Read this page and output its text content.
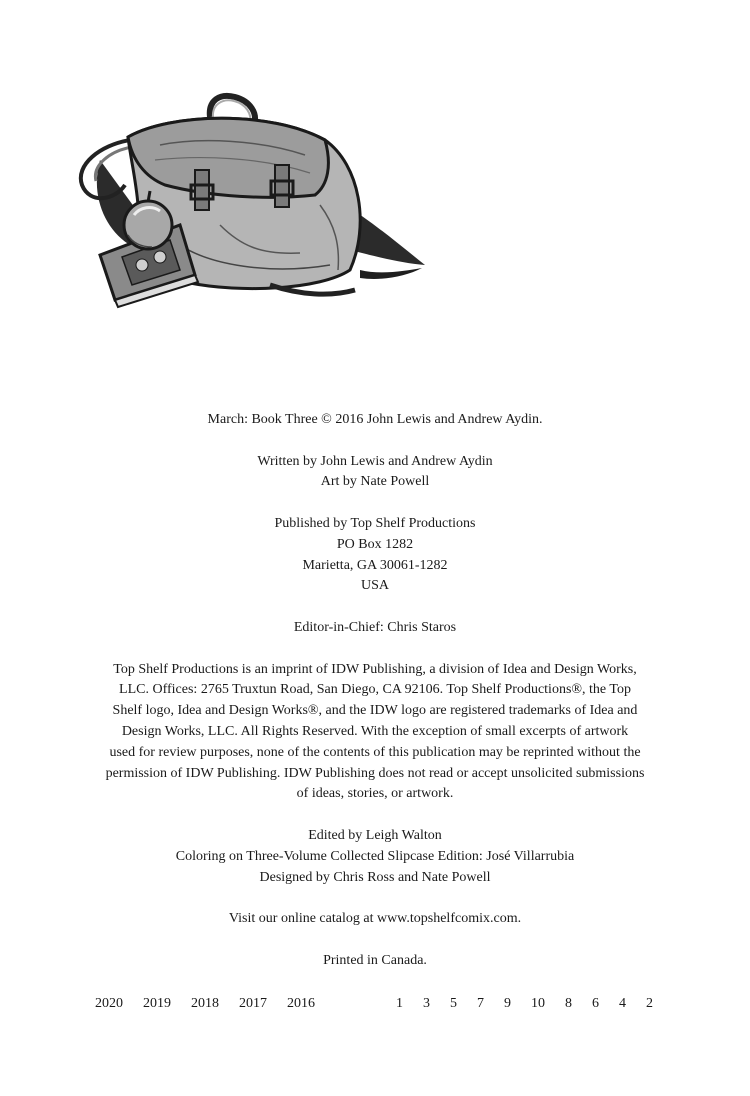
March: Book Three © 2016 John Lewis and Andrew Aydin.
Written by John Lewis and Andrew Aydin
Art by Nate Powell
Published by Top Shelf Productions
PO Box 1282
Marietta, GA 30061-1282
USA
Editor-in-Chief: Chris Staros
Top Shelf Productions is an imprint of IDW Publishing, a division of Idea and Design Works,
LLC. Offices: 2765 Truxtun Road, San Diego, CA 92106. Top Shelf Productions®, the Top
Shelf logo, Idea and Design Works®, and the IDW logo are registered trademarks of Idea and
Design Works, LLC. All Rights Reserved. With the exception of small excerpts of artwork
used for review purposes, none of the contents of this publication may be reprinted without the
permission of IDW Publishing. IDW Publishing does not read or accept unsolicited submissions
of ideas, stories, or artwork.
Edited by Leigh Walton
Coloring on Three-Volume Collected Slipcase Edition: José Villarrubia
Designed by Chris Ross and Nate Powell
Visit our online catalog at www.topshelfcomix.com.
Printed in Canada.
2020 2019 2018 2017 2016	1 3 5 7 9 10 8 6 4 2
